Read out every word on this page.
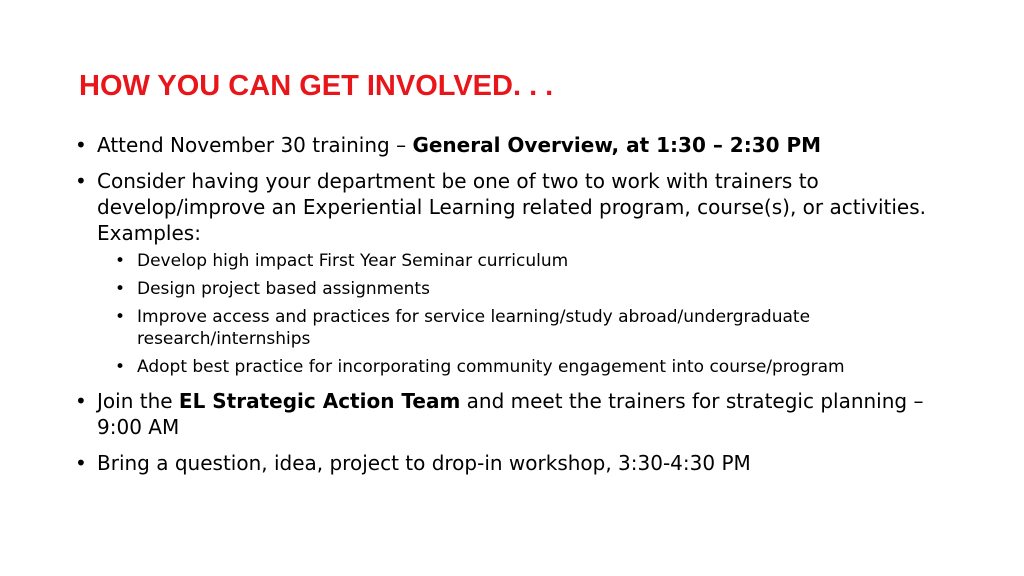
HOW YOU CAN GET INVOLVED. . .
• Attend November 30 training – General Overview, at 1:30 – 2:30 PM
• Consider having your department be one of two to work with trainers to develop/improve an Experiential Learning related program, course(s), or activities. Examples:
• Develop high impact First Year Seminar curriculum
• Design project based assignments
• Improve access and practices for service learning/study abroad/undergraduate research/internships
• Adopt best practice for incorporating community engagement into course/program
• Join the EL Strategic Action Team and meet the trainers for strategic planning – 9:00 AM
• Bring a question, idea, project to drop-in workshop, 3:30-4:30 PM
